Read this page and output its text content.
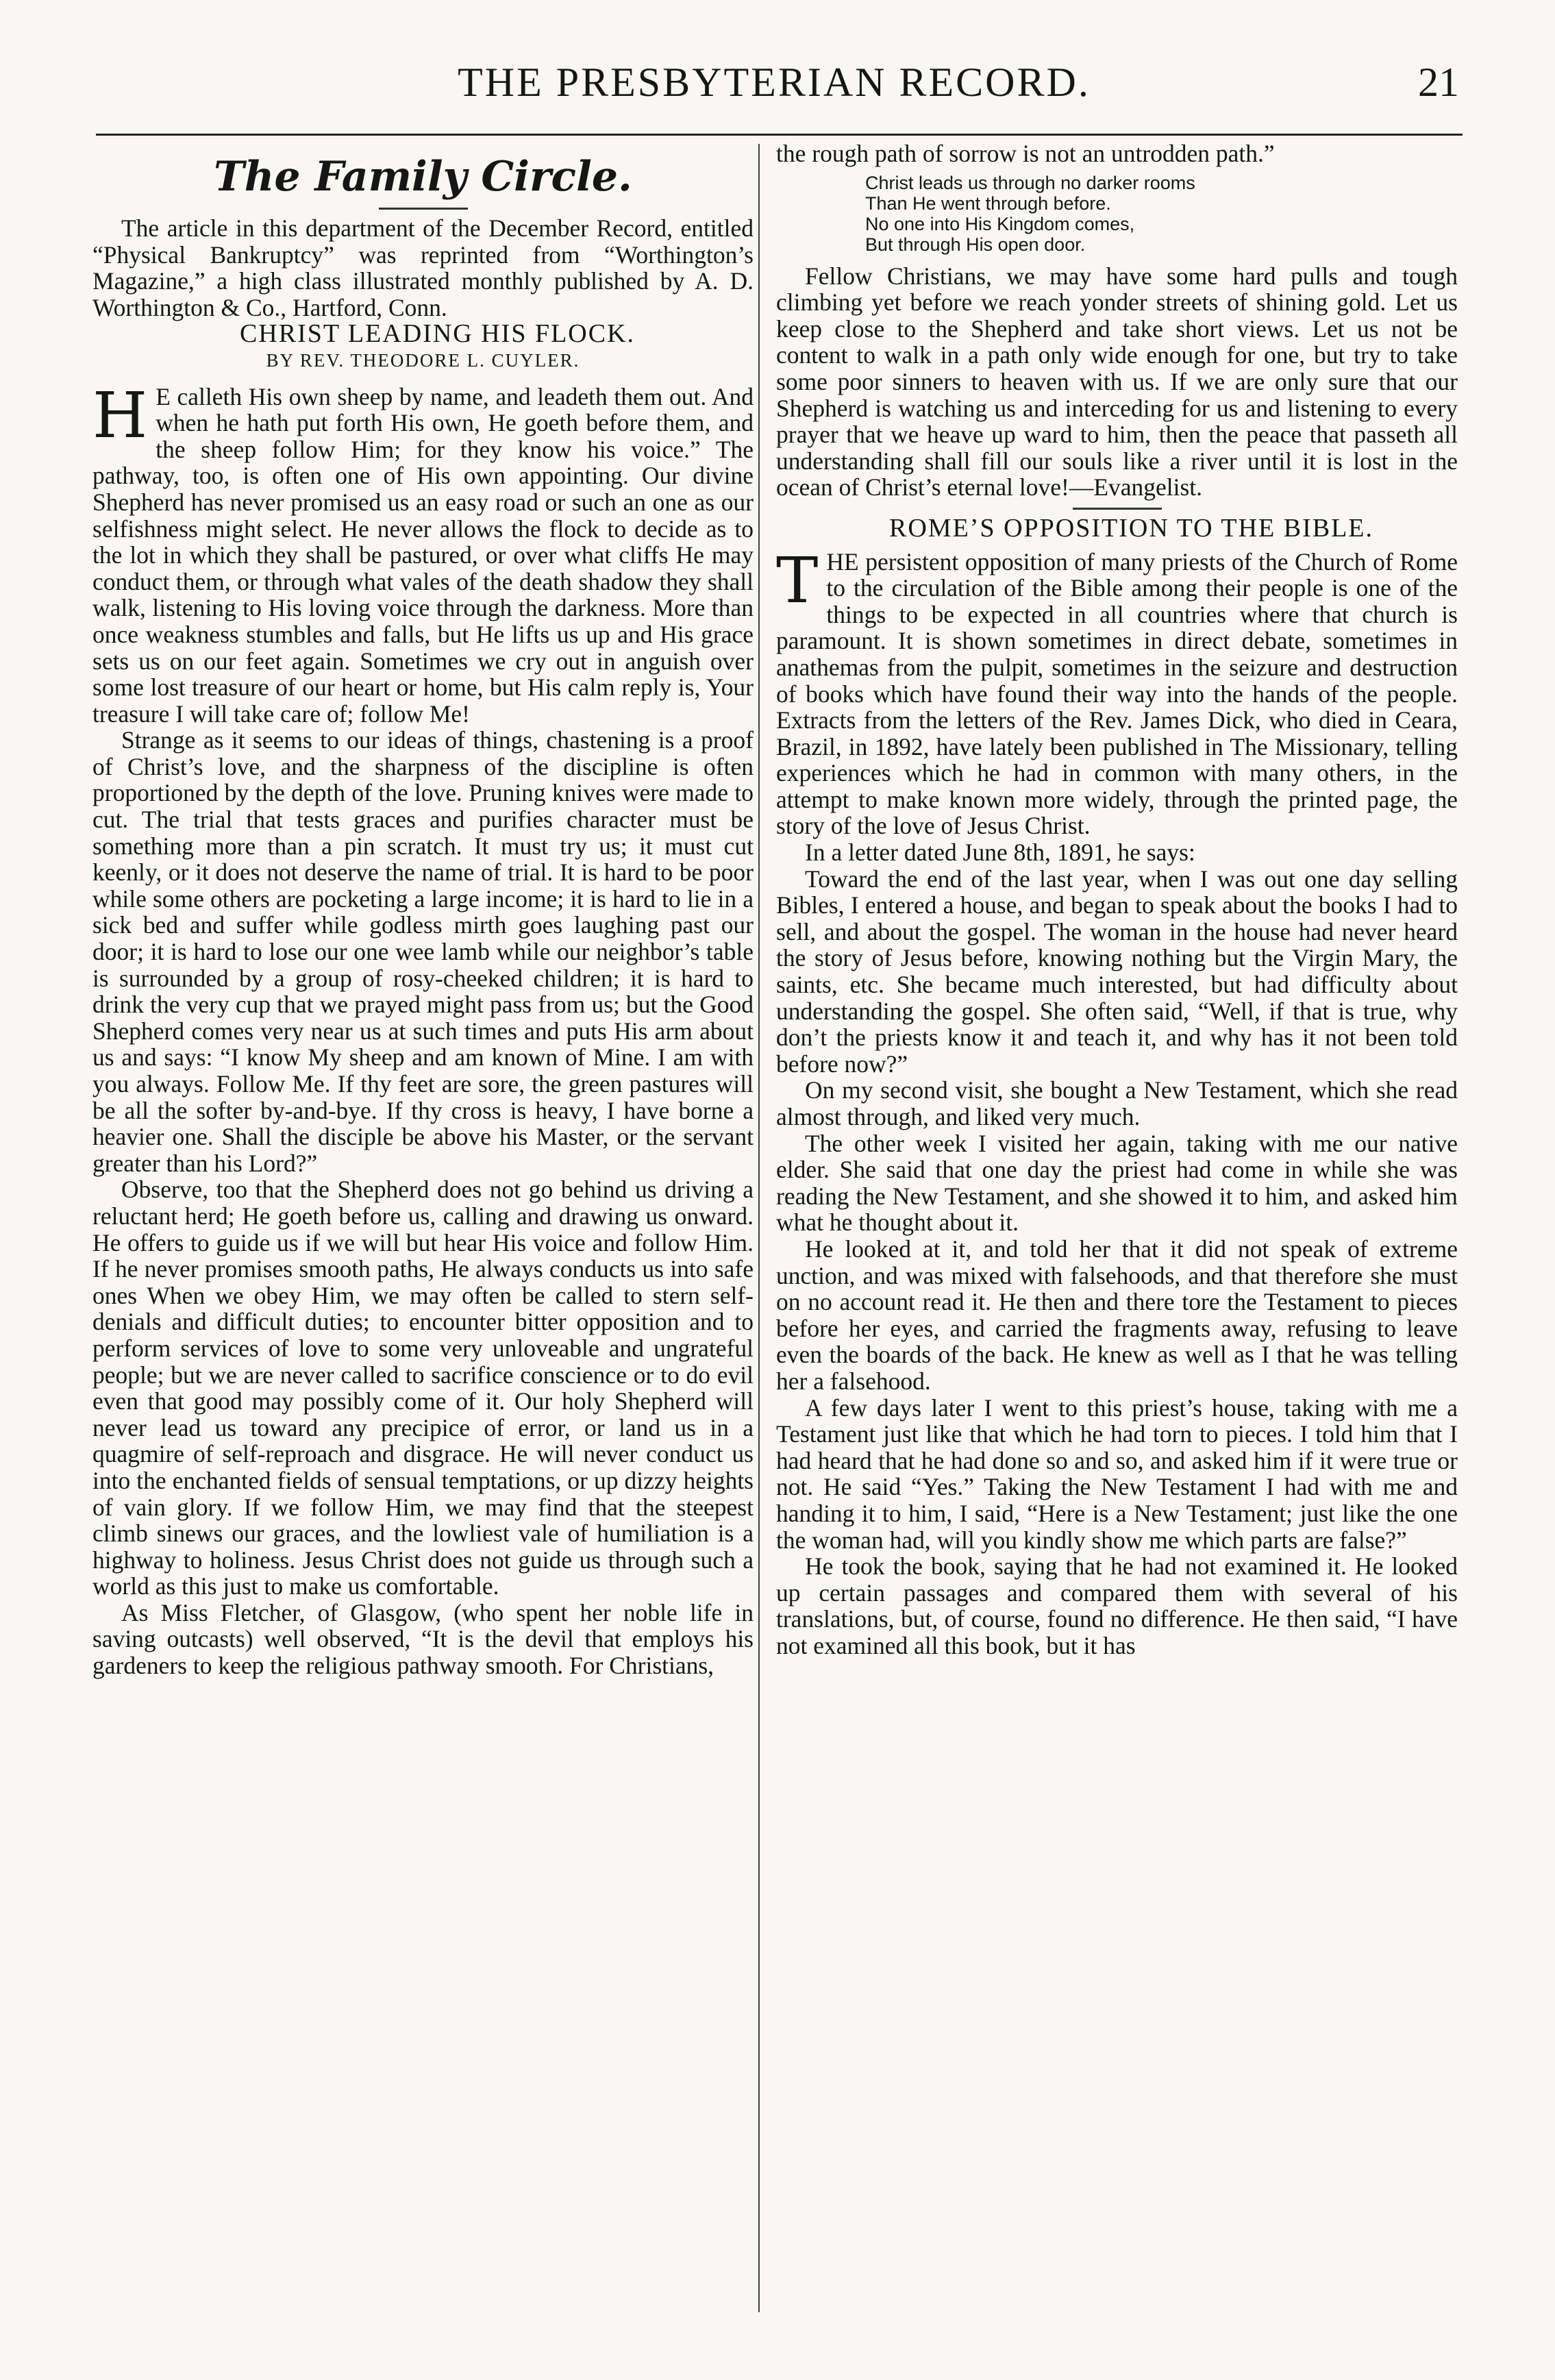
THE PRESBYTERIAN RECORD.	21
The Family Circle.

The article in this department of the December Record, entitled “Physical Bankruptcy” was reprinted from “Worthington’s Magazine,” a high class illustrated monthly published by A. D. Worthington & Co., Hartford, Conn.

CHRIST LEADING HIS FLOCK.

BY REV. THEODORE L. CUYLER.

H E calleth His own sheep by name, and leadeth them out. And when he hath put forth His own, He goeth before them, and the sheep follow Him; for they know his voice.” The pathway, too, is often one of His own appointing. Our divine Shepherd has never promised us an easy road or such an one as our selfishness might select. He never allows the flock to decide as to the lot in which they shall be pastured, or over what cliffs He may conduct them, or through what vales of the death shadow they shall walk, listening to His loving voice through the darkness. More than once weakness stumbles and falls, but He lifts us up and His grace sets us on our feet again. Sometimes we cry out in anguish over some lost treasure of our heart or home, but His calm reply is, Your treasure I will take care of; follow Me!

Strange as it seems to our ideas of things, chastening is a proof of Christ’s love, and the sharpness of the discipline is often proportioned by the depth of the love. Pruning knives were made to cut. The trial that tests graces and purifies character must be something more than a pin scratch. It must try us; it must cut keenly, or it does not deserve the name of trial. It is hard to be poor while some others are pocketing a large income; it is hard to lie in a sick bed and suffer while godless mirth goes laughing past our door; it is hard to lose our one wee lamb while our neighbor’s table is surrounded by a group of rosy-cheeked children; it is hard to drink the very cup that we prayed might pass from us; but the Good Shepherd comes very near us at such times and puts His arm about us and says: “I know My sheep and am known of Mine. I am with you always. Follow Me. If thy feet are sore, the green pastures will be all the softer by-and-bye. If thy cross is heavy, I have borne a heavier one. Shall the disciple be above his Master, or the servant greater than his Lord?”

Observe, too that the Shepherd does not go behind us driving a reluctant herd; He goeth before us, calling and drawing us onward. He offers to guide us if we will but hear His voice and follow Him. If he never promises smooth paths, He always conducts us into safe ones When we obey Him, we may often be called to stern self-denials and difficult duties; to encounter bitter opposition and to perform services of love to some very unloveable and ungrateful people; but we are never called to sacrifice conscience or to do evil even that good may possibly come of it. Our holy Shepherd will never lead us toward any precipice of error, or land us in a quagmire of self-reproach and disgrace. He will never conduct us into the enchanted fields of sensual temptations, or up dizzy heights of vain glory. If we follow Him, we may find that the steepest climb sinews our graces, and the lowliest vale of humiliation is a highway to holiness. Jesus Christ does not guide us through such a world as this just to make us comfortable.

As Miss Fletcher, of Glasgow, (who spent her noble life in saving outcasts) well observed, “It is the devil that employs his gardeners to keep the religious pathway smooth. For Christians,

the rough path of sorrow is not an untrodden path.”

Christ leads us through no darker rooms
Than He went through before.
No one into His Kingdom comes,
But through His open door.

Fellow Christians, we may have some hard pulls and tough climbing yet before we reach yonder streets of shining gold. Let us keep close to the Shepherd and take short views. Let us not be content to walk in a path only wide enough for one, but try to take some poor sinners to heaven with us. If we are only sure that our Shepherd is watching us and interceding for us and listening to every prayer that we heave up ward to him, then the peace that passeth all understanding shall fill our souls like a river until it is lost in the ocean of Christ’s eternal love!—Evangelist.

ROME’S OPPOSITION TO THE BIBLE.

THE persistent opposition of many priests of the Church of Rome to the circulation of the Bible among their people is one of the things to be expected in all countries where that church is paramount. It is shown sometimes in direct debate, sometimes in anathemas from the pulpit, sometimes in the seizure and destruction of books which have found their way into the hands of the people. Extracts from the letters of the Rev. James Dick, who died in Ceara, Brazil, in 1892, have lately been published in The Missionary, telling experiences which he had in common with many others, in the attempt to make known more widely, through the printed page, the story of the love of Jesus Christ.

In a letter dated June 8th, 1891, he says:

Toward the end of the last year, when I was out one day selling Bibles, I entered a house, and began to speak about the books I had to sell, and about the gospel. The woman in the house had never heard the story of Jesus before, knowing nothing but the Virgin Mary, the saints, etc. She became much interested, but had difficulty about understanding the gospel. She often said, “Well, if that is true, why don’t the priests know it and teach it, and why has it not been told before now?”

On my second visit, she bought a New Testament, which she read almost through, and liked very much.

The other week I visited her again, taking with me our native elder. She said that one day the priest had come in while she was reading the New Testament, and she showed it to him, and asked him what he thought about it.

He looked at it, and told her that it did not speak of extreme unction, and was mixed with falsehoods, and that therefore she must on no account read it. He then and there tore the Testament to pieces before her eyes, and carried the fragments away, refusing to leave even the boards of the back. He knew as well as I that he was telling her a falsehood.

A few days later I went to this priest’s house, taking with me a Testament just like that which he had torn to pieces. I told him that I had heard that he had done so and so, and asked him if it were true or not. He said “Yes.” Taking the New Testament I had with me and handing it to him, I said, “Here is a New Testament; just like the one the woman had, will you kindly show me which parts are false?”

He took the book, saying that he had not examined it. He looked up certain passages and compared them with several of his translations, but, of course, found no difference. He then said, “I have not examined all this book, but it has
